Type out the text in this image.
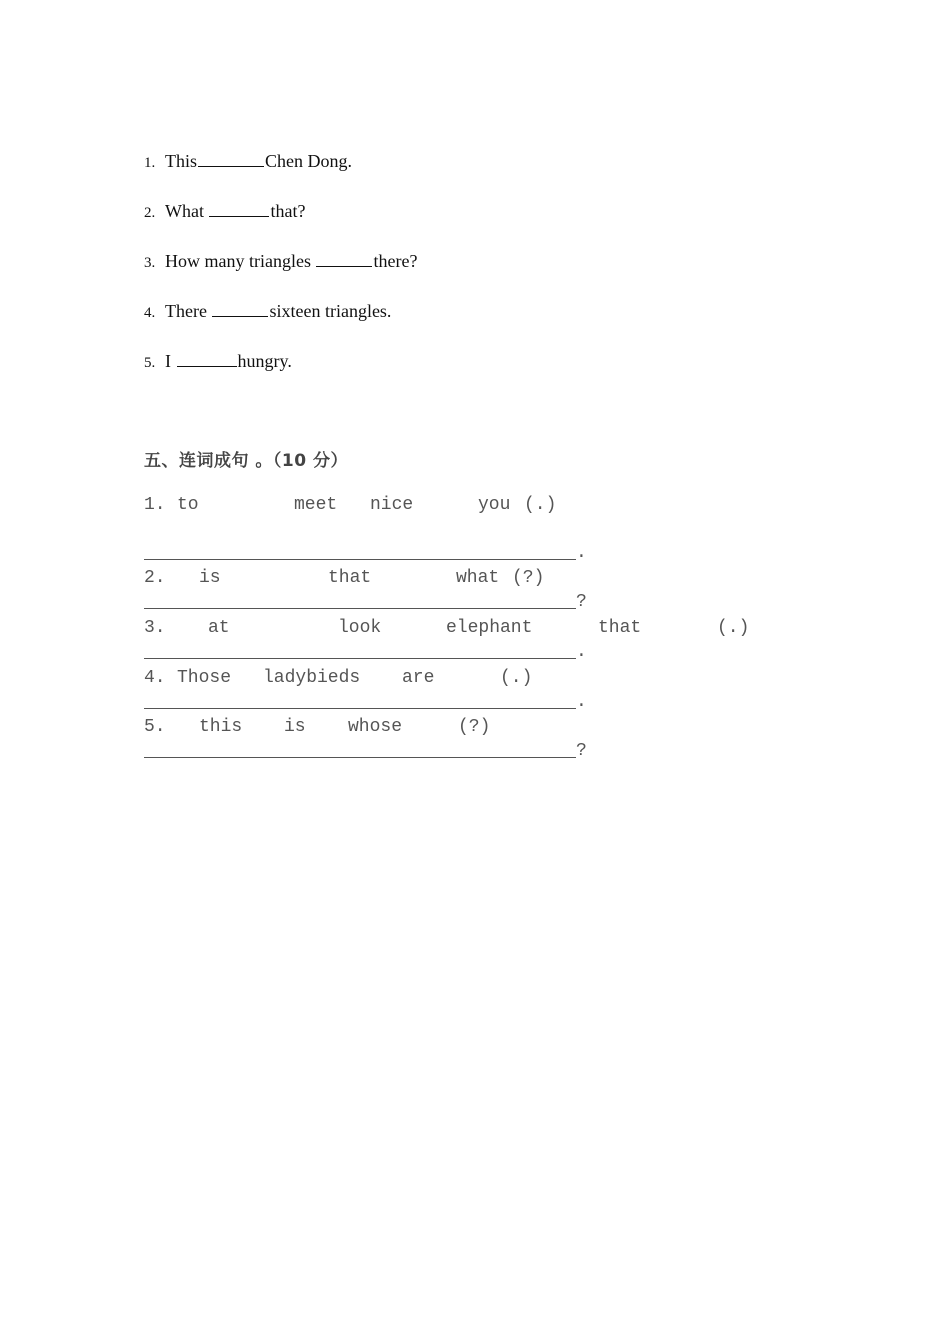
1. This	Chen Dong.
2. What	that?
3. How many triangles	there?
4. There	sixteen triangles.
5. I	hungry.
五、连词成句 。（10 分）
1. to	meet nice	you (.)
.
2. is	that	what (?)
?
3. at	look	elephant	that	(.)
.
4. Those ladybieds are	(.)
.
5. this is whose	(?)
?
